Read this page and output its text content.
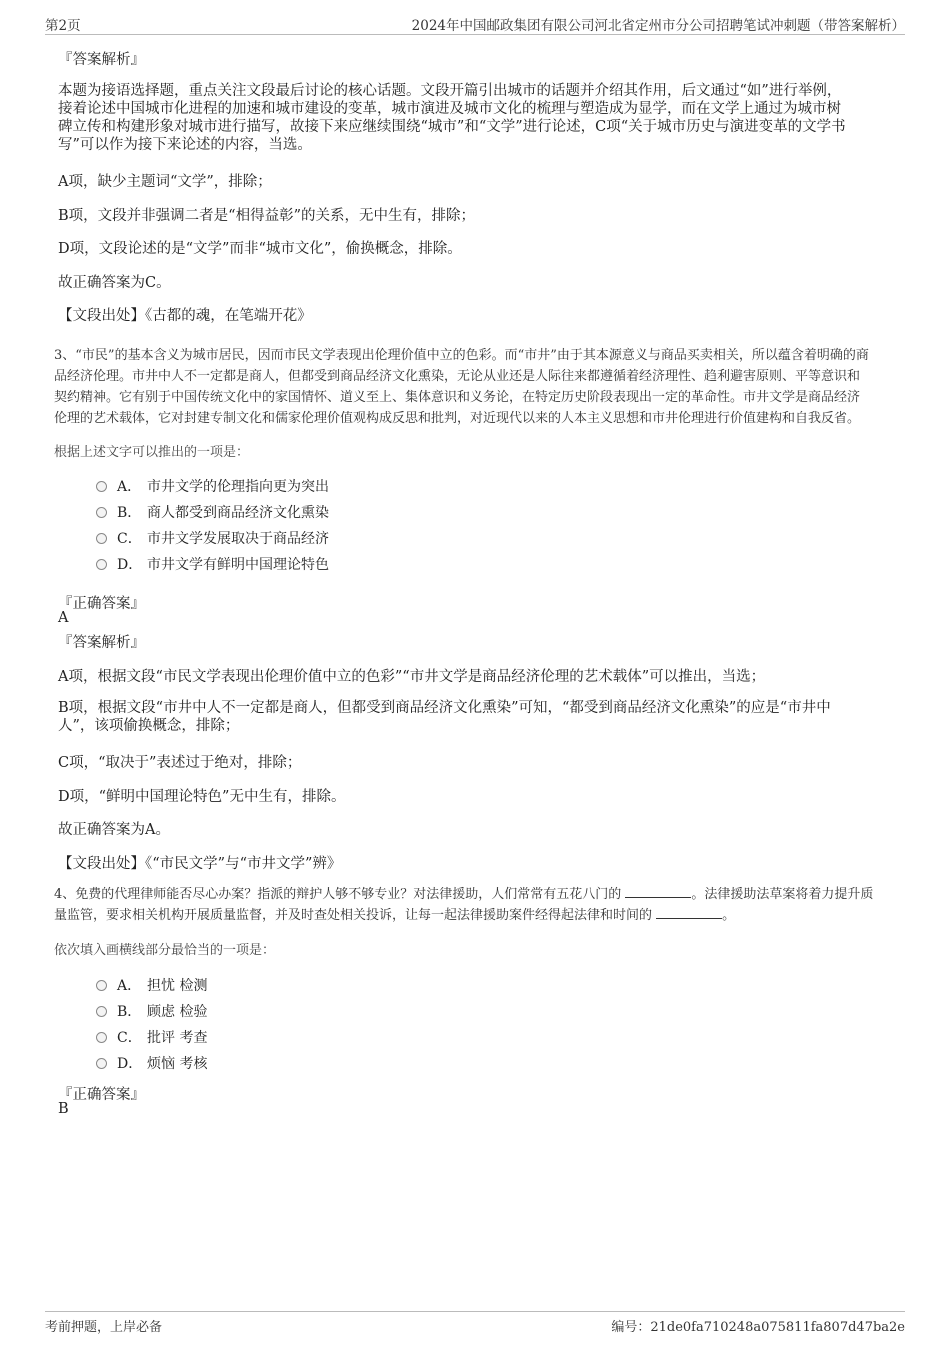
第2页	2024年中国邮政集团有限公司河北省定州市分公司招聘笔试冲刺题（带答案解析）
『答案解析』
本题为接语选择题，重点关注文段最后讨论的核心话题。文段开篇引出城市的话题并介绍其作用，后文通过“如”进行举例，
接着论述中国城市化进程的加速和城市建设的变革，城市演进及城市文化的梳理与塑造成为显学，而在文学上通过为城市树
碑立传和构建形象对城市进行描写，故接下来应继续围绕“城市”和“文学”进行论述，C项“关于城市历史与演进变革的文学书
写”可以作为接下来论述的内容，当选。
A项，缺少主题词“文学”，排除；
B项，文段并非强调二者是“相得益彰”的关系，无中生有，排除；
D项，文段论述的是“文学”而非“城市文化”，偷换概念，排除。
故正确答案为C。
【文段出处】《古都的魂，在笔端开花》
3、“市民”的基本含义为城市居民，因而市民文学表现出伦理价值中立的色彩。而“市井”由于其本源意义与商品买卖相关，所以蕴含着明确的商
品经济伦理。市井中人不一定都是商人，但都受到商品经济文化熏染，无论从业还是人际往来都遵循着经济理性、趋利避害原则、平等意识和
契约精神。它有别于中国传统文化中的家国情怀、道义至上、集体意识和义务论，在特定历史阶段表现出一定的革命性。市井文学是商品经济
伦理的艺术载体，它对封建专制文化和儒家伦理价值观构成反思和批判，对近现代以来的人本主义思想和市井伦理进行价值建构和自我反省。
根据上述文字可以推出的一项是：
A． 市井文学的伦理指向更为突出
B． 商人都受到商品经济文化熏染
C． 市井文学发展取决于商品经济
D． 市井文学有鲜明中国理论特色
『正确答案』
A
『答案解析』
A项，根据文段“市民文学表现出伦理价值中立的色彩”“市井文学是商品经济伦理的艺术载体”可以推出，当选；
B项，根据文段“市井中人不一定都是商人，但都受到商品经济文化熏染”可知，“都受到商品经济文化熏染”的应是“市井中
人”，该项偷换概念，排除；
C项，“取决于”表述过于绝对，排除；
D项，“鲜明中国理论特色”无中生有，排除。
故正确答案为A。
【文段出处】《“市民文学”与“市井文学”辨》
4、免费的代理律师能否尽心办案？指派的辩护人够不够专业？对法律援助，人们常常有五花八门的	。法律援助法草案将着力提升质
量监管，要求相关机构开展质量监督，并及时查处相关投诉，让每一起法律援助案件经得起法律和时间的	。
依次填入画横线部分最恰当的一项是：
A． 担忧 检测
B． 顾虑 检验
C． 批评 考查
D． 烦恼 考核
『正确答案』
B
考前押题，上岸必备	编号：21de0fa710248a075811fa807d47ba2e
